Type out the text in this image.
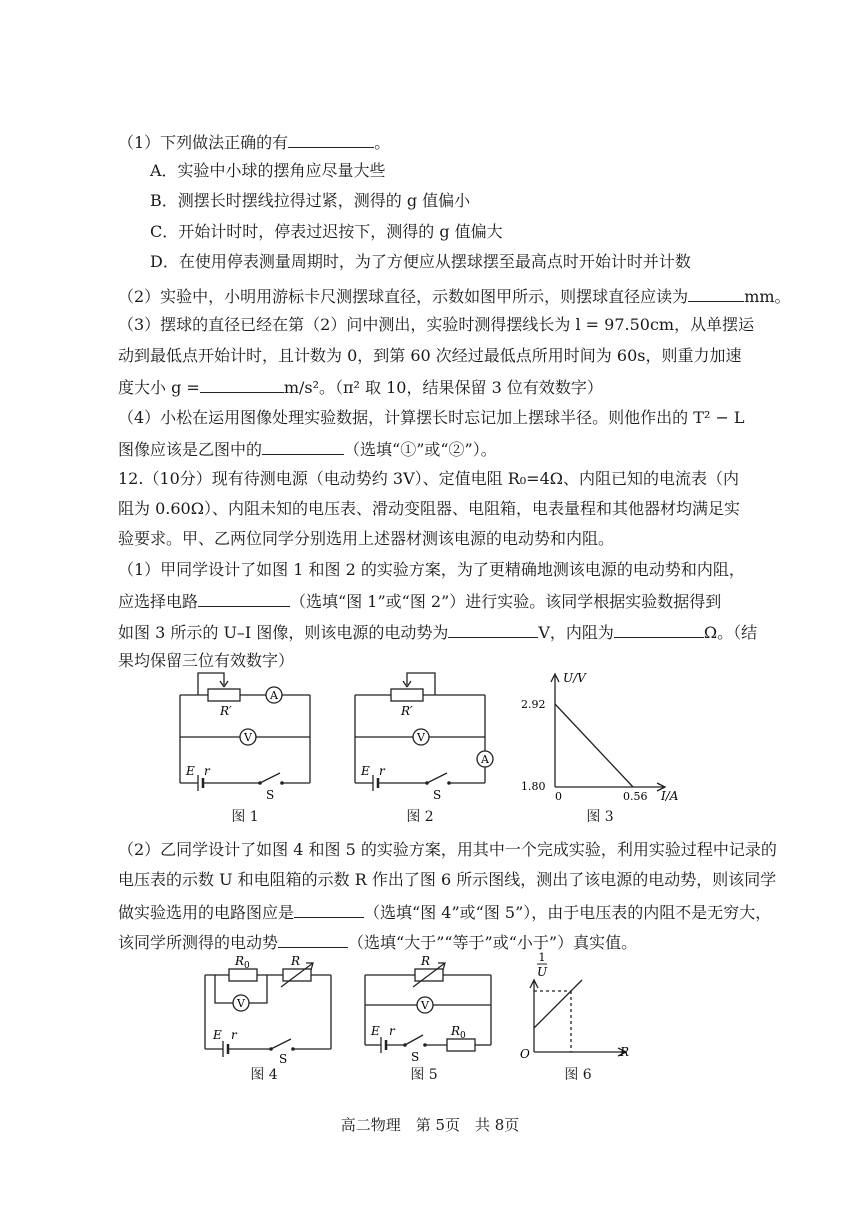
（1）下列做法正确的有	。
A．实验中小球的摆角应尽量大些
B．测摆长时摆线拉得过紧，测得的 g 值偏小
C．开始计时时，停表过迟按下，测得的 g 值偏大
D．在使用停表测量周期时，为了方便应从摆球摆至最高点时开始计时并计数
（2）实验中，小明用游标卡尺测摆球直径，示数如图甲所示，则摆球直径应读为	mm。
（3）摆球的直径已经在第（2）问中测出，实验时测得摆线长为 l = 97.50cm，从单摆运
动到最低点开始计时，且计数为 0，到第 60 次经过最低点所用时间为 60s，则重力加速
度大小 g =	m/s²。（π² 取 10，结果保留 3 位有效数字）
（4）小松在运用图像处理实验数据，计算摆长时忘记加上摆球半径。则他作出的 T² − L
图像应该是乙图中的	（选填“①”或“②”）。
12.（10分）现有待测电源（电动势约 3V）、定值电阻 R₀=4Ω、内阻已知的电流表（内
阻为 0.60Ω）、内阻未知的电压表、滑动变阻器、电阻箱，电表量程和其他器材均满足实
验要求。甲、乙两位同学分别选用上述器材测该电源的电动势和内阻。
（1）甲同学设计了如图 1 和图 2 的实验方案，为了更精确地测该电源的电动势和内阻，
应选择电路	（选填“图 1”或“图 2”）进行实验。该同学根据实验数据得到
如图 3 所示的 U–I 图像，则该电源的电动势为	V，内阻为	Ω。（结
果均保留三位有效数字）
A
V
R′
E r
S
图 1
A
V
R′
E r
S
图 2
U/V
I/A
2.92
1.80
0	0.56
图 3
（2）乙同学设计了如图 4 和图 5 的实验方案，用其中一个完成实验，利用实验过程中记录的
电压表的示数 U 和电阻箱的示数 R 作出了图 6 所示图线，测出了该电源的电动势，则该同学
做实验选用的电路图应是	（选填“图 4”或“图 5”），由于电压表的内阻不是无穷大，
该同学所测得的电动势	（选填“大于”“等于”或“小于”）真实值。
V
$R_0$	R
E r
S
图 4
V
R
$R_0$
E r
S
图 5
1
U
R
O
图 6
高二物理　第 5页　共 8页
